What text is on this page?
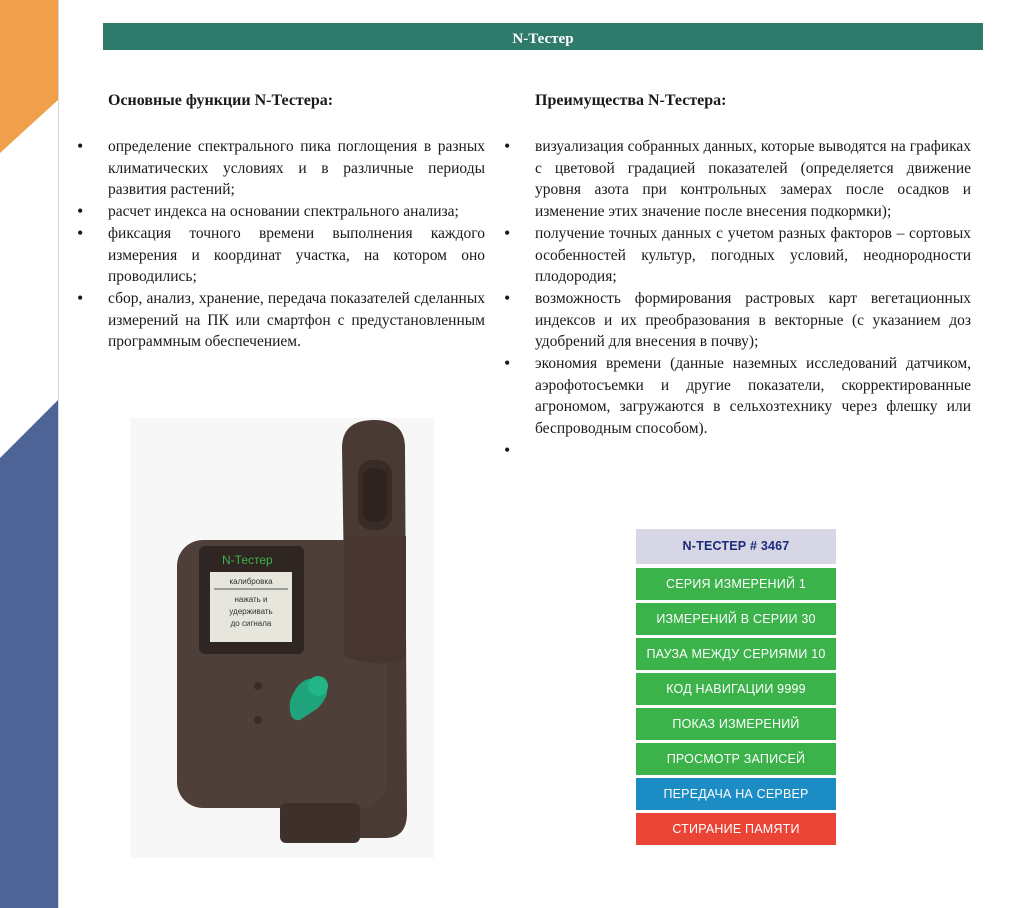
N-Тестер

Основные функции N-Тестера:

• определение спектрального пика поглощения в разных климатических условиях и в различные периоды развития растений;
• расчет индекса на основании спектрального анализа;
• фиксация точного времени выполнения каждого измерения и координат участка, на котором оно проводились;
• сбор, анализ, хранение, передача показателей сделанных измерений на ПК или смартфон с предустановленным программным обеспечением.

Преимущества N-Тестера:

• визуализация собранных данных, которые выводятся на графиках с цветовой градацией показателей (определяется движение уровня азота при контрольных замерах после осадков и изменение этих значение после внесения подкормки);
• получение точных данных с учетом разных факторов – сортовых особенностей культур, погодных условий, неоднородности плодородия;
• возможность формирования растровых карт вегетационных индексов и их преобразования в векторные (с указанием доз удобрений для внесения в почву);
• экономия времени (данные наземных исследований датчиком, аэрофотосъемки и другие показатели, скорректированные агрономом, загружаются в сельхозтехнику через флешку или беспроводным способом).
•
N-Тестер
калибровка
нажать и
удерживать
до сигнала
N-ТЕСТЕР # 3467
СЕРИЯ ИЗМЕРЕНИЙ 1
ИЗМЕРЕНИЙ В СЕРИИ 30
ПАУЗА МЕЖДУ СЕРИЯМИ 10
КОД НАВИГАЦИИ 9999
ПОКАЗ ИЗМЕРЕНИЙ
ПРОСМОТР ЗАПИСЕЙ
ПЕРЕДАЧА НА СЕРВЕР
СТИРАНИЕ ПАМЯТИ
